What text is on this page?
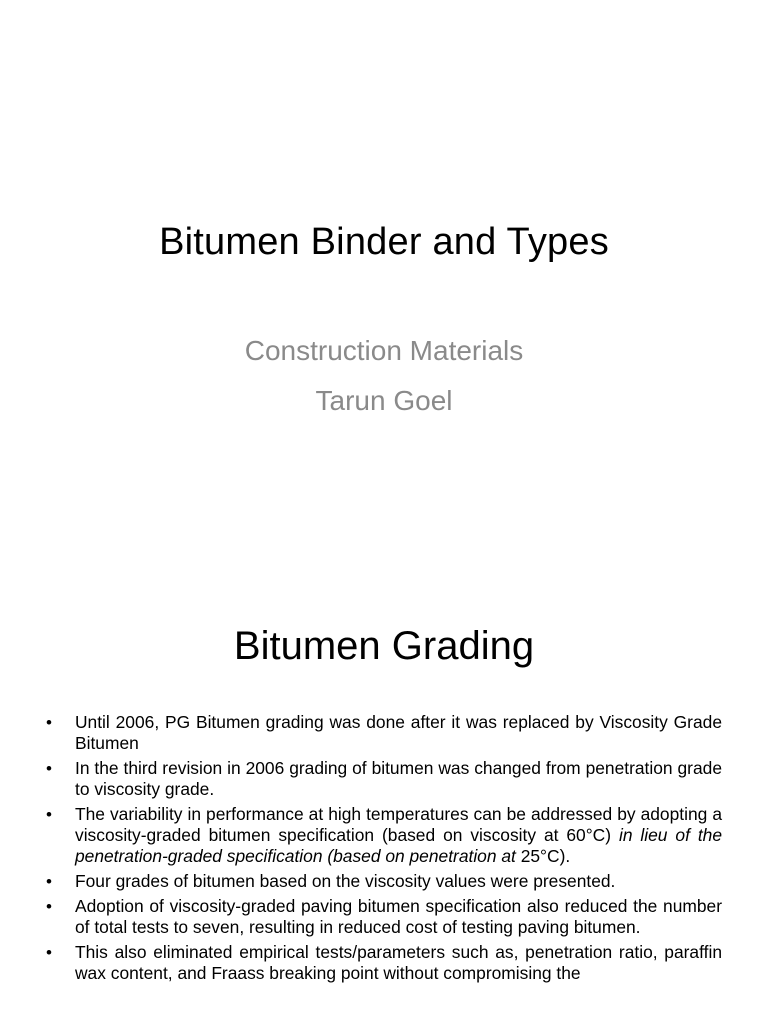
Bitumen Binder and Types
Construction Materials
Tarun Goel
Bitumen Grading
• Until 2006, PG Bitumen grading was done after it was replaced by Viscosity Grade Bitumen
• In the third revision in 2006 grading of bitumen was changed from penetration grade to viscosity grade.
• The variability in performance at high temperatures can be addressed by adopting a viscosity-graded bitumen specification (based on viscosity at 60°C) in lieu of the penetration-graded specification (based on penetration at 25°C).
• Four grades of bitumen based on the viscosity values were presented.
• Adoption of viscosity-graded paving bitumen specification also reduced the number of total tests to seven, resulting in reduced cost of testing paving bitumen.
• This also eliminated empirical tests/parameters such as, penetration ratio, paraffin wax content, and Fraass breaking point without compromising the
